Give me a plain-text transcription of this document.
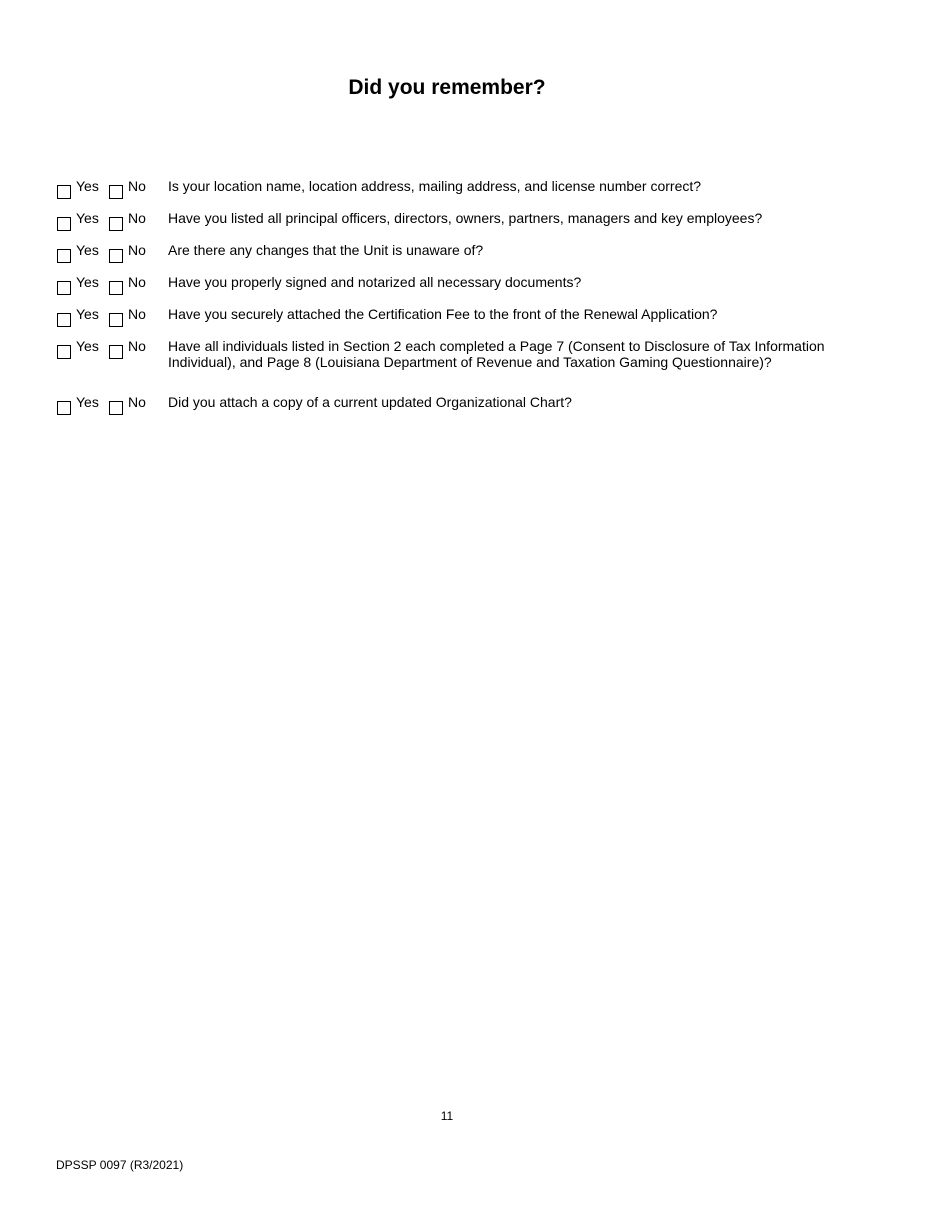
Did you remember?
Yes No Is your location name, location address, mailing address, and license number correct?
Yes No Have you listed all principal officers, directors, owners, partners, managers and key employees?
Yes No Are there any changes that the Unit is unaware of?
Yes No Have you properly signed and notarized all necessary documents?
Yes No Have you securely attached the Certification Fee to the front of the Renewal Application?
Yes No Have all individuals listed in Section 2 each completed a Page 7 (Consent to Disclosure of Tax Information Individual), and Page 8 (Louisiana Department of Revenue and Taxation Gaming Questionnaire)?
Yes No Did you attach a copy of a current updated Organizational Chart?
11
DPSSP 0097 (R3/2021)
